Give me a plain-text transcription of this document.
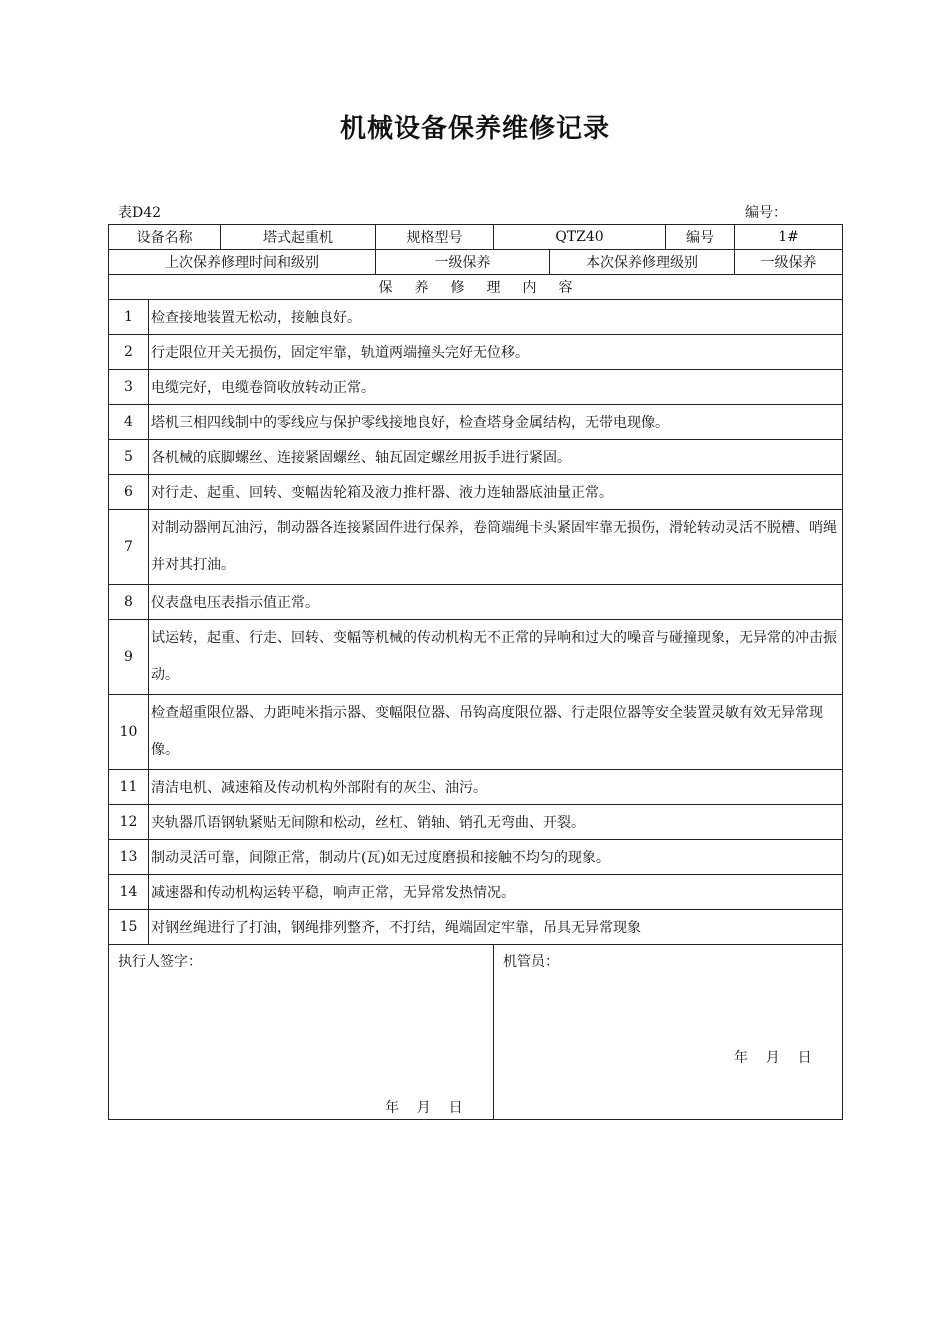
机械设备保养维修记录
表D42	编号：
设备名称		塔式起重机	规格型号	QTZ40		编号	1#
上次保养修理时间和级别			一级保养		本次保养修理级别		一级保养
保养修理内容							
1	检查接地装置无松动，接触良好。						
2	行走限位开关无损伤，固定牢靠，轨道两端撞头完好无位移。						
3	电缆完好，电缆卷筒收放转动正常。						
4	塔机三相四线制中的零线应与保护零线接地良好，检查塔身金属结构，无带电现像。						
5	各机械的底脚螺丝、连接紧固螺丝、轴瓦固定螺丝用扳手进行紧固。						
6	对行走、起重、回转、变幅齿轮箱及液力推杆器、液力连轴器底油量正常。						
7	对制动器闸瓦油污，制动器各连接紧固件进行保养，卷筒端绳卡头紧固牢靠无损伤，滑轮转动灵活不脱槽、哨绳并对其打油。						
8	仪表盘电压表指示值正常。						
9	试运转，起重、行走、回转、变幅等机械的传动机构无不正常的异响和过大的噪音与碰撞现象，无异常的冲击振动。						
10	检查超重限位器、力距吨米指示器、变幅限位器、吊钩高度限位器、行走限位器等安全装置灵敏有效无异常现像。						
11	清洁电机、减速箱及传动机构外部附有的灰尘、油污。						
12	夹轨器爪语钢轨紧贴无间隙和松动，丝杠、销轴、销孔无弯曲、开裂。						
13	制动灵活可靠，间隙正常，制动片(瓦)如无过度磨损和接触不均匀的现象。						
14	减速器和传动机构运转平稳，响声正常，无异常发热情况。						
15	对钢丝绳进行了打油，钢绳排列整齐，不打结，绳端固定牢靠，吊具无异常现象						

执行人签字：
年    月    日				机管员：
年    月    日			
